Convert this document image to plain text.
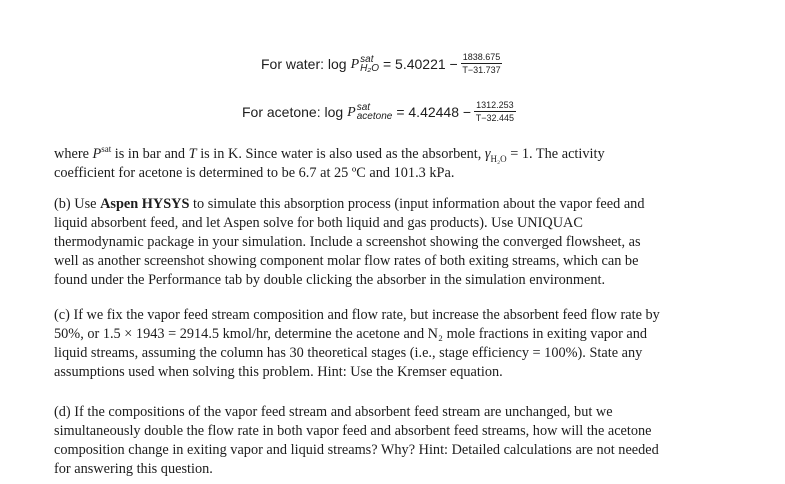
For water: log P sat
$H_2O = 5.40221 - \frac{1838.675}{T-31.737}$
For acetone: log P sat
acetone = $4.42448 - \frac{1312.253}{T-32.445}$
where $P^{sat}$ is in bar and T is in K. Since water is also used as the absorbent, $\gamma_{H_2O} = 1$. The activity
coefficient for acetone is determined to be 6.7 at 25 ºC and 101.3 kPa.
(b) Use Aspen HYSYS to simulate this absorption process (input information about the vapor feed and
liquid absorbent feed, and let Aspen solve for both liquid and gas products). Use UNIQUAC
thermodynamic package in your simulation. Include a screenshot showing the converged flowsheet, as
well as another screenshot showing component molar flow rates of both exiting streams, which can be
found under the Performance tab by double clicking the absorber in the simulation environment.
(c) If we fix the vapor feed stream composition and flow rate, but increase the absorbent feed flow rate by
50%, or 1.5 × 1943 = 2914.5 kmol/hr, determine the acetone and N₂ mole fractions in exiting vapor and
liquid streams, assuming the column has 30 theoretical stages (i.e., stage efficiency = 100%). State any
assumptions used when solving this problem. Hint: Use the Kremser equation.
(d) If the compositions of the vapor feed stream and absorbent feed stream are unchanged, but we
simultaneously double the flow rate in both vapor feed and absorbent feed streams, how will the acetone
composition change in exiting vapor and liquid streams? Why? Hint: Detailed calculations are not needed
for answering this question.
